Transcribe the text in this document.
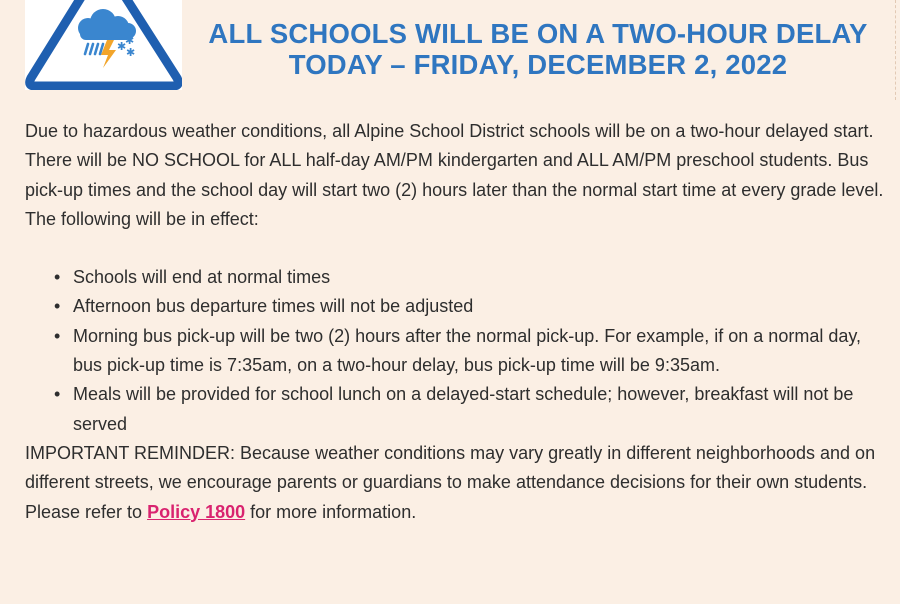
✱
✱
✱
ALL SCHOOLS WILL BE ON A TWO-HOUR DELAY
TODAY – FRIDAY, DECEMBER 2, 2022

Due to hazardous weather conditions, all Alpine School District schools will be on a two-hour delayed start. There will be NO SCHOOL for ALL half-day AM/PM kindergarten and ALL AM/PM preschool students. Bus pick-up times and the school day will start two (2) hours later than the normal start time at every grade level.

The following will be in effect:

• Schools will end at normal times
• Afternoon bus departure times will not be adjusted
• Morning bus pick-up will be two (2) hours after the normal pick-up. For example, if on a normal day, bus pick-up time is 7:35am, on a two-hour delay, bus pick-up time will be 9:35am.
• Meals will be provided for school lunch on a delayed-start schedule; however, breakfast will not be served

IMPORTANT REMINDER: Because weather conditions may vary greatly in different neighborhoods and on different streets, we encourage parents or guardians to make attendance decisions for their own students.

Please refer to Policy 1800 for more information.
